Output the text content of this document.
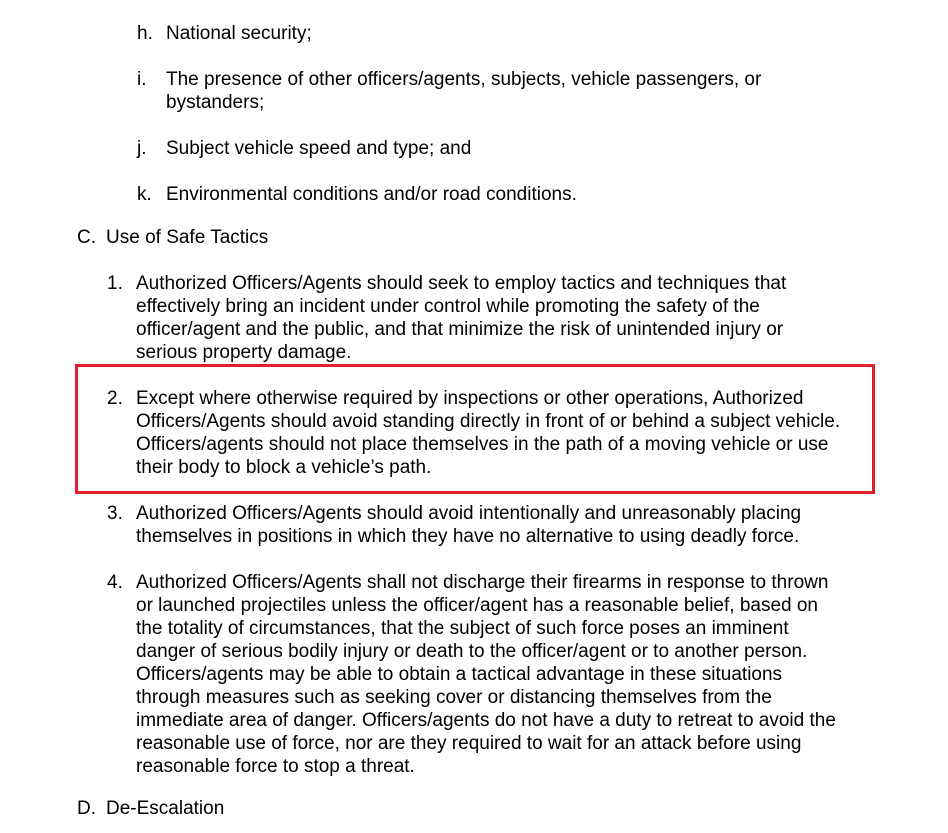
h. National security;
i.	The presence of other officers/agents, subjects, vehicle passengers, or bystanders;
j.	Subject vehicle speed and type; and
k. Environmental conditions and/or road conditions.
C. Use of Safe Tactics
1. Authorized Officers/Agents should seek to employ tactics and techniques that effectively bring an incident under control while promoting the safety of the officer/agent and the public, and that minimize the risk of unintended injury or serious property damage.
2. Except where otherwise required by inspections or other operations, Authorized Officers/Agents should avoid standing directly in front of or behind a subject vehicle. Officers/agents should not place themselves in the path of a moving vehicle or use their body to block a vehicle’s path.
3. Authorized Officers/Agents should avoid intentionally and unreasonably placing themselves in positions in which they have no alternative to using deadly force.
4. Authorized Officers/Agents shall not discharge their firearms in response to thrown or launched projectiles unless the officer/agent has a reasonable belief, based on the totality of circumstances, that the subject of such force poses an imminent danger of serious bodily injury or death to the officer/agent or to another person. Officers/agents may be able to obtain a tactical advantage in these situations through measures such as seeking cover or distancing themselves from the immediate area of danger. Officers/agents do not have a duty to retreat to avoid the reasonable use of force, nor are they required to wait for an attack before using reasonable force to stop a threat.
D. De-Escalation
